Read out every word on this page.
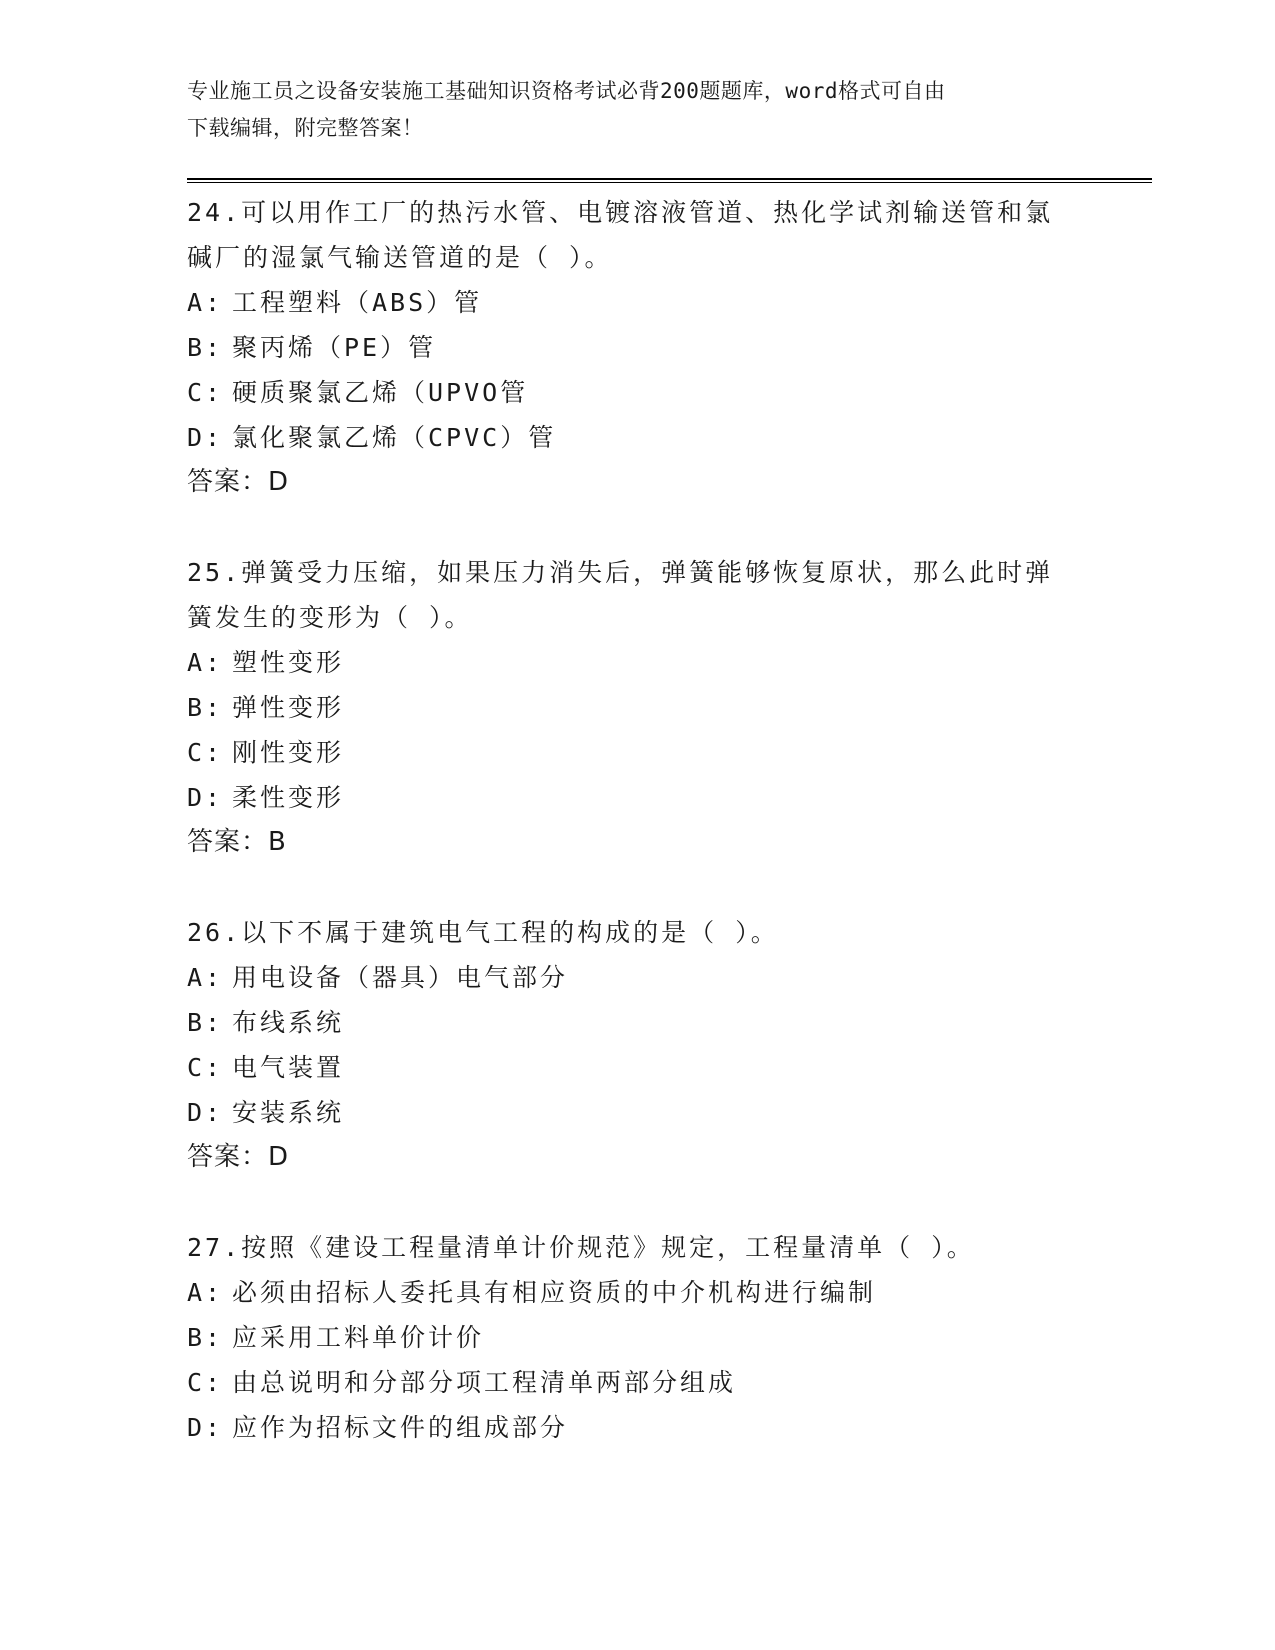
专业施工员之设备安装施工基础知识资格考试必背200题题库，word格式可自由
下载编辑，附完整答案！
24.可以用作工厂的热污水管、电镀溶液管道、热化学试剂输送管和氯
碱厂的湿氯气输送管道的是（ ）。
A: 工程塑料（ABS）管
B: 聚丙烯（PE）管
C: 硬质聚氯乙烯（UPVO管
D: 氯化聚氯乙烯（CPVC）管
答案：D
25.弹簧受力压缩，如果压力消失后，弹簧能够恢复原状，那么此时弹
簧发生的变形为（ ）。
A: 塑性变形
B: 弹性变形
C: 刚性变形
D: 柔性变形
答案：B
26.以下不属于建筑电气工程的构成的是（ ）。
A: 用电设备（器具）电气部分
B: 布线系统
C: 电气装置
D: 安装系统
答案：D
27.按照《建设工程量清单计价规范》规定，工程量清单（ ）。
A: 必须由招标人委托具有相应资质的中介机构进行编制
B: 应采用工料单价计价
C: 由总说明和分部分项工程清单两部分组成
D: 应作为招标文件的组成部分
